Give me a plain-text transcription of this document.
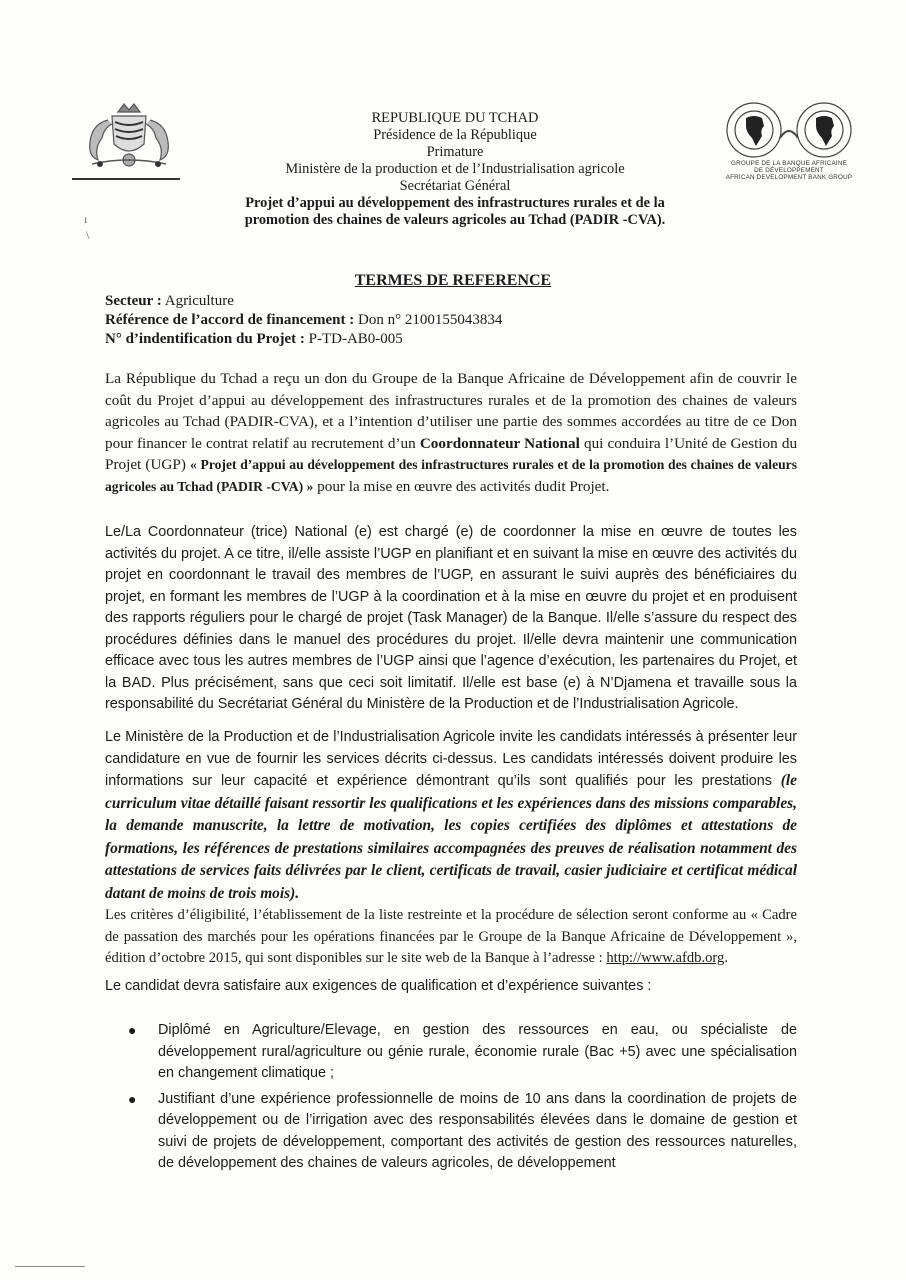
GROUPE DE LA BANQUE AFRICAINE
DE DÉVELOPPEMENT
AFRICAN DEVELOPMENT BANK GROUP
REPUBLIQUE DU TCHAD
Présidence de la République
Primature
Ministère de la production et de l’Industrialisation agricole
Secrétariat Général
Projet d’appui au développement des infrastructures rurales et de la
promotion des chaines de valeurs agricoles au Tchad (PADIR -CVA).
ı
\
TERMES DE REFERENCE
Secteur : Agriculture
Référence de l’accord de financement : Don n° 2100155043834
N° d’indentification du Projet : P-TD-AB0-005
La République du Tchad a reçu un don du Groupe de la Banque Africaine de Développement afin de couvrir le coût du Projet d’appui au développement des infrastructures rurales et de la promotion des chaines de valeurs agricoles au Tchad (PADIR-CVA), et a l’intention d’utiliser une partie des sommes accordées au titre de ce Don pour financer le contrat relatif au recrutement d’un Coordonnateur National qui conduira l’Unité de Gestion du Projet (UGP) « Projet d’appui au développement des infrastructures rurales et de la promotion des chaines de valeurs agricoles au Tchad (PADIR -CVA) » pour la mise en œuvre des activités dudit Projet.
Le/La Coordonnateur (trice) National (e) est chargé (e) de coordonner la mise en œuvre de toutes les activités du projet. A ce titre, il/elle assiste l’UGP en planifiant et en suivant la mise en œuvre des activités du projet en coordonnant le travail des membres de l’UGP, en assurant le suivi auprès des bénéficiaires du projet, en formant les membres de l’UGP à la coordination et à la mise en œuvre du projet et en produisent des rapports réguliers pour le chargé de projet (Task Manager) de la Banque. Il/elle s’assure du respect des procédures définies dans le manuel des procédures du projet. Il/elle devra maintenir une communication efficace avec tous les autres membres de l’UGP ainsi que l’agence d’exécution, les partenaires du Projet, et la BAD. Plus précisément, sans que ceci soit limitatif. Il/elle est base (e) à N’Djamena et travaille sous la responsabilité du Secrétariat Général du Ministère de la Production et de l’Industrialisation Agricole.
Le Ministère de la Production et de l’Industrialisation Agricole invite les candidats intéressés à présenter leur candidature en vue de fournir les services décrits ci-dessus. Les candidats intéressés doivent produire les informations sur leur capacité et expérience démontrant qu’ils sont qualifiés pour les prestations (le curriculum vitae détaillé faisant ressortir les qualifications et les expériences dans des missions comparables, la demande manuscrite, la lettre de motivation, les copies certifiées des diplômes et attestations de formations, les références de prestations similaires accompagnées des preuves de réalisation notamment des attestations de services faits délivrées par le client, certificats de travail, casier judiciaire et certificat médical datant de moins de trois mois).
Les critères d’éligibilité, l’établissement de la liste restreinte et la procédure de sélection seront conforme au « Cadre de passation des marchés pour les opérations financées par le Groupe de la Banque Africaine de Développement », édition d’octobre 2015, qui sont disponibles sur le site web de la Banque à l’adresse : http://www.afdb.org.
Le candidat devra satisfaire aux exigences de qualification et d’expérience suivantes :
● Diplômé en Agriculture/Elevage, en gestion des ressources en eau, ou spécialiste de développement rural/agriculture ou génie rurale, économie rurale (Bac +5) avec une spécialisation en changement climatique ;
● Justifiant d’une expérience professionnelle de moins de 10 ans dans la coordination de projets de développement ou de l’irrigation avec des responsabilités élevées dans le domaine de gestion et suivi de projets de développement, comportant des activités de gestion des ressources naturelles, de développement des chaines de valeurs agricoles, de développement
